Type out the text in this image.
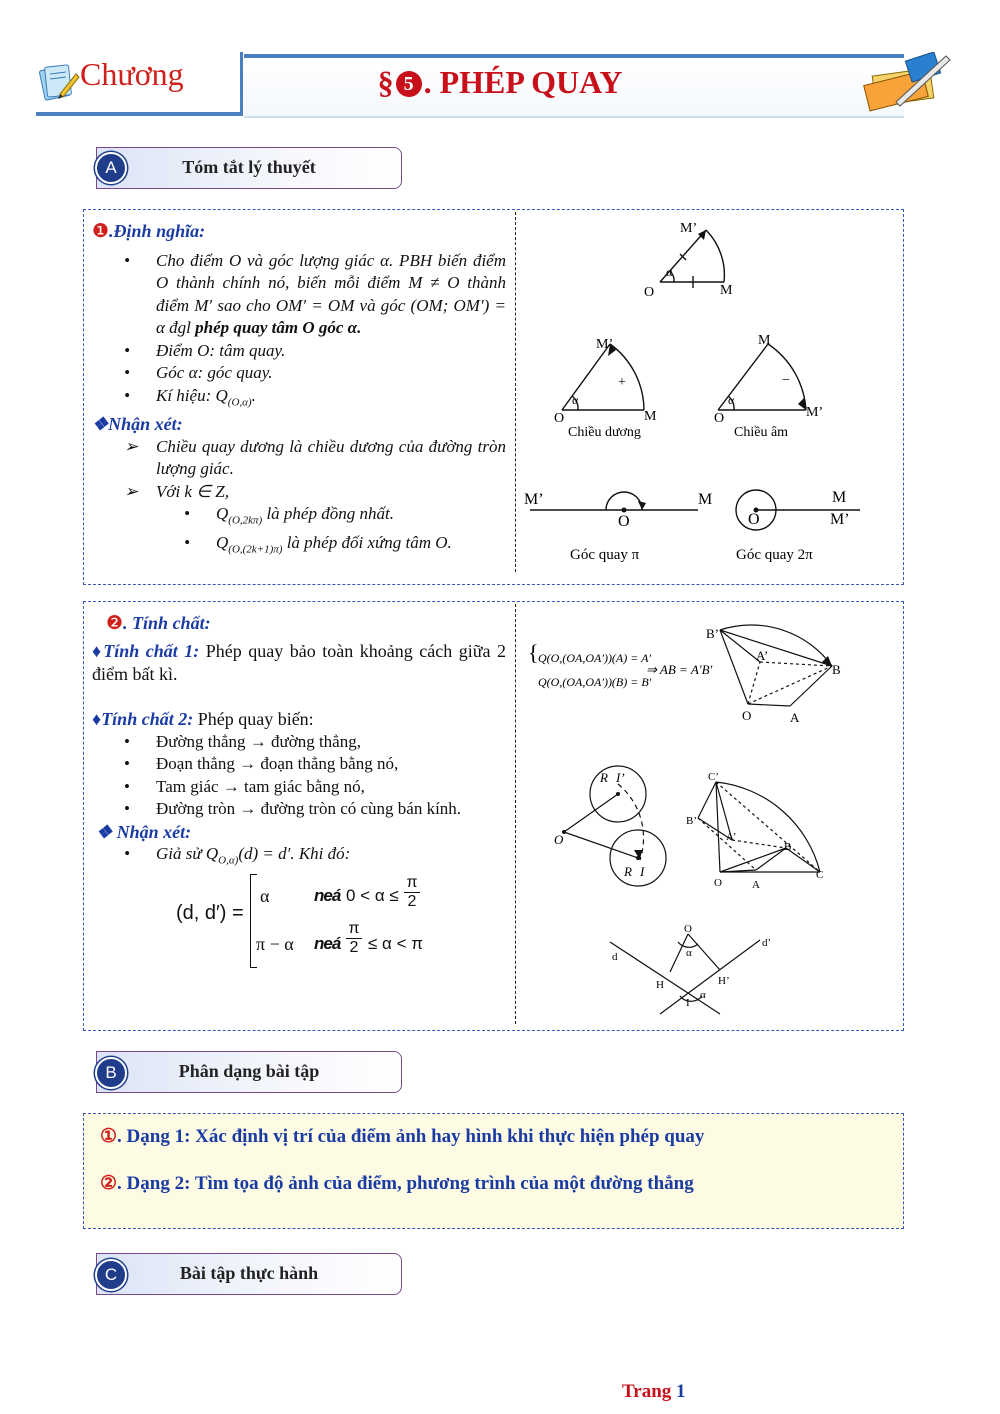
Chương	§ 5 . PHÉP QUAY
Tóm tắt lý thuyết
A
❶.Định nghĩa:
• Cho điểm O và góc lượng giác α. PBH biến điểm O thành chính nó, biến mỗi điểm M ≠ O thành điểm M′ sao cho OM′ = OM và góc (OM; OM′) = α đgl phép quay tâm O góc α.
• Điểm O: tâm quay.
• Góc α: góc quay.
• Kí hiệu: $Q_{(O,\alpha)}$.
❖Nhận xét:
➢ Chiều quay dương là chiều dương của đường tròn lượng giác.
➢ Với k ∈ Z,
• $Q_{(O,2k\pi)}$ là phép đồng nhất.
• $Q_{(O,(2k+1)\pi)}$ là phép đối xứng tâm O.
M’
O	M
α
M’
O	M
+
α
M
O	M’
−
α
Chiều dương	Chiều âm
M’	M
O
M
M’
O
Góc quay π	Góc quay 2π
❷. Tính chất:
♦Tính chất 1: Phép quay bảo toàn khoảng cách giữa 2 điểm bất kì.
♦Tính chất 2: Phép quay biến:
• Đường thẳng → đường thẳng,
• Đoạn thẳng → đoạn thẳng bằng nó,
• Tam giác → tam giác bằng nó,
• Đường tròn → đường tròn có cùng bán kính.
❖ Nhận xét:
• Giả sử $Q_{O,\alpha)}(d) = d'$. Khi đó:
(d, d′) =
α	neá 0 < α ≤
π
2
π − α neá
π
2 ≤ α < π
{ Q(O,(OA,OA′))(A) = A′
Q(O,(OA,OA′))(B) = B′
⇒ AB = A′B′
B’
A’
B
O	A
R I’
O
R I
C’
B’
A’
B
C
O	A
O
d
d’
H	H’
α
α
I
Phân dạng bài tập
B
①. Dạng 1: Xác định vị trí của điểm ảnh hay hình khi thực hiện phép quay
②. Dạng 2: Tìm tọa độ ảnh của điểm, phương trình của một đường thẳng
Bài tập thực hành
C
Trang 1
